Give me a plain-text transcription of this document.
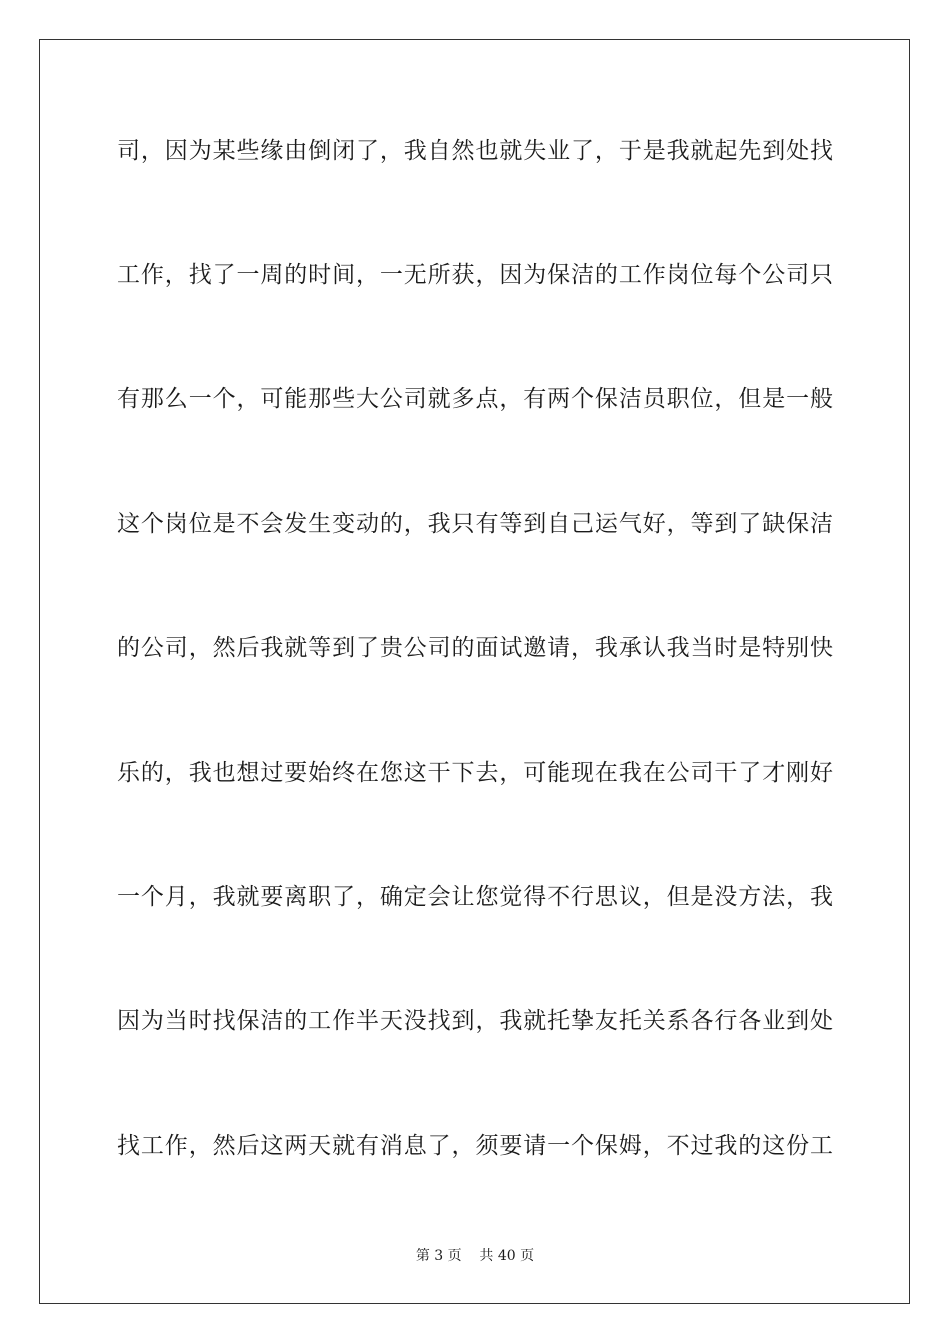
司，因为某些缘由倒闭了，我自然也就失业了，于是我就起先到处找
工作，找了一周的时间，一无所获，因为保洁的工作岗位每个公司只
有那么一个，可能那些大公司就多点，有两个保洁员职位，但是一般
这个岗位是不会发生变动的，我只有等到自己运气好，等到了缺保洁
的公司，然后我就等到了贵公司的面试邀请，我承认我当时是特别快
乐的，我也想过要始终在您这干下去，可能现在我在公司干了才刚好
一个月，我就要离职了，确定会让您觉得不行思议，但是没方法，我
因为当时找保洁的工作半天没找到，我就托挚友托关系各行各业到处
找工作，然后这两天就有消息了，须要请一个保姆，不过我的这份工
第 3 页    共 40 页
